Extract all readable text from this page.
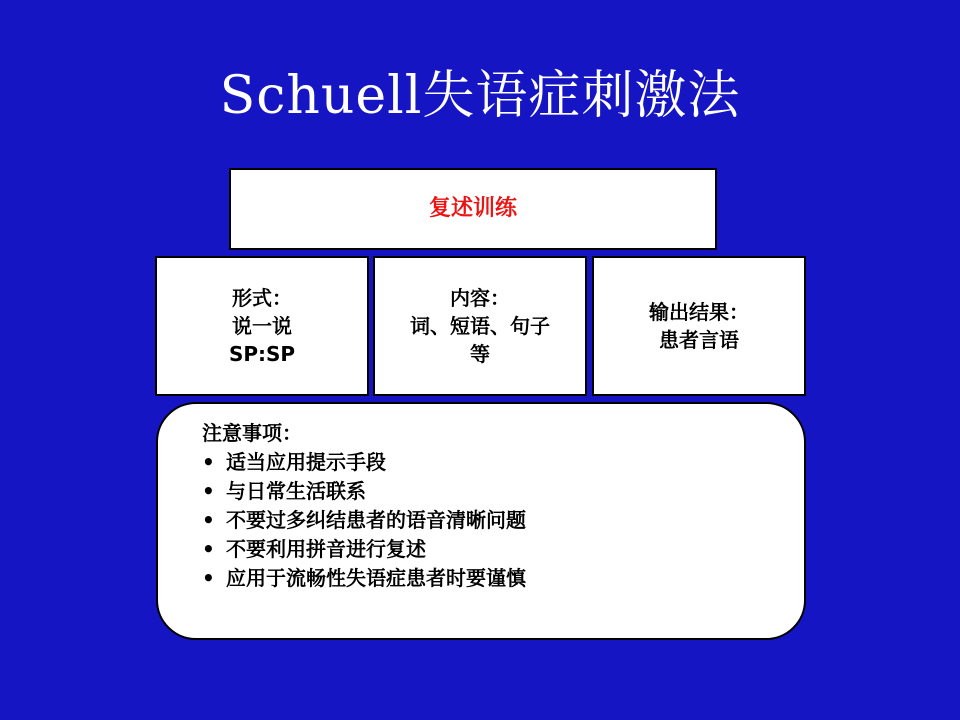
Schuell失语症刺激法
复述训练
形式：
说一说
SP:SP
内容：
词、短语、句子
等
输出结果：
患者言语
注意事项：
• 适当应用提示手段
• 与日常生活联系
• 不要过多纠结患者的语音清晰问题
• 不要利用拼音进行复述
• 应用于流畅性失语症患者时要谨慎
